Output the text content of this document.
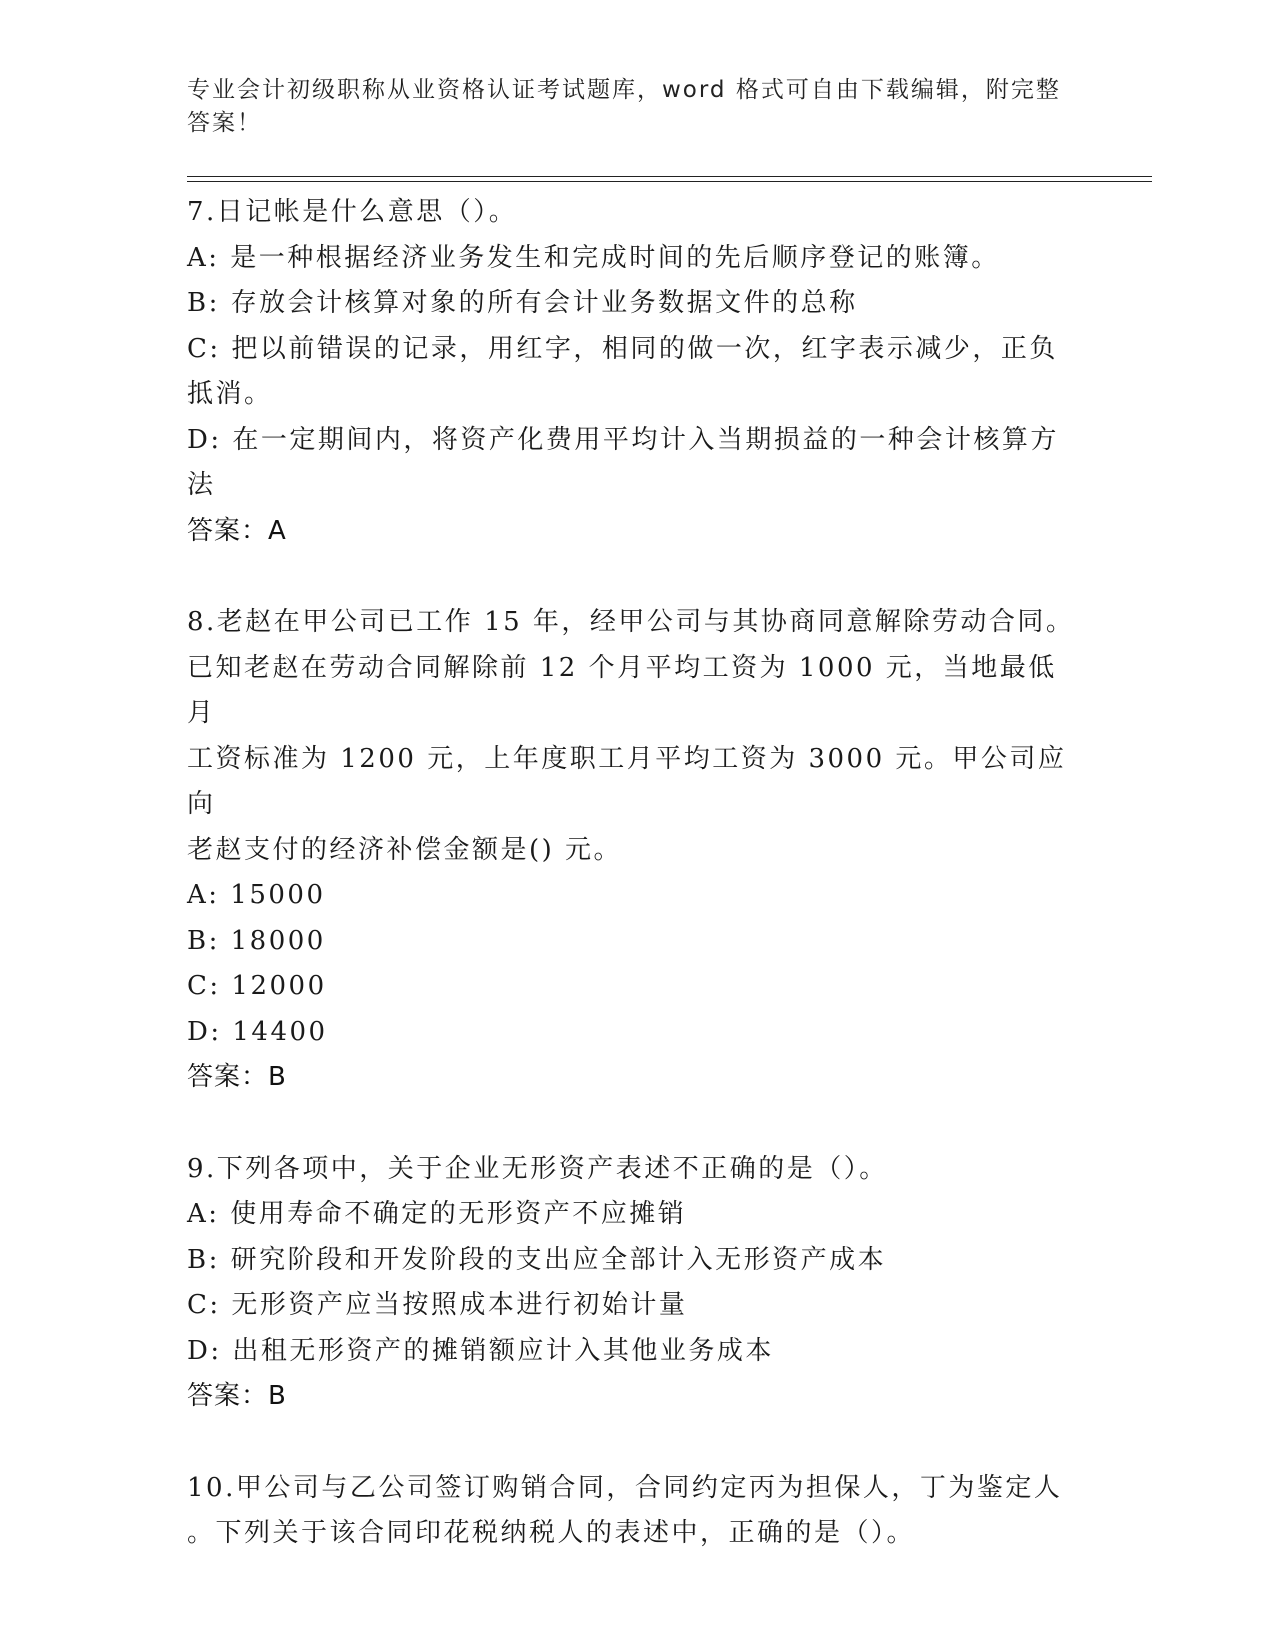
专业会计初级职称从业资格认证考试题库，word 格式可自由下载编辑，附完整答案！
7.日记帐是什么意思（）。
A: 是一种根据经济业务发生和完成时间的先后顺序登记的账簿。
B: 存放会计核算对象的所有会计业务数据文件的总称
C: 把以前错误的记录，用红字，相同的做一次，红字表示减少，正负
抵消。
D: 在一定期间内，将资产化费用平均计入当期损益的一种会计核算方
法
答案：A
8.老赵在甲公司已工作 15 年，经甲公司与其协商同意解除劳动合同。
已知老赵在劳动合同解除前 12 个月平均工资为 1000 元，当地最低月
工资标准为 1200 元，上年度职工月平均工资为 3000 元。甲公司应向
老赵支付的经济补偿金额是() 元。
A: 15000
B: 18000
C: 12000
D: 14400
答案：B
9.下列各项中，关于企业无形资产表述不正确的是（）。
A: 使用寿命不确定的无形资产不应摊销
B: 研究阶段和开发阶段的支出应全部计入无形资产成本
C: 无形资产应当按照成本进行初始计量
D: 出租无形资产的摊销额应计入其他业务成本
答案：B
10.甲公司与乙公司签订购销合同，合同约定丙为担保人，丁为鉴定人
。下列关于该合同印花税纳税人的表述中，正确的是（）。
